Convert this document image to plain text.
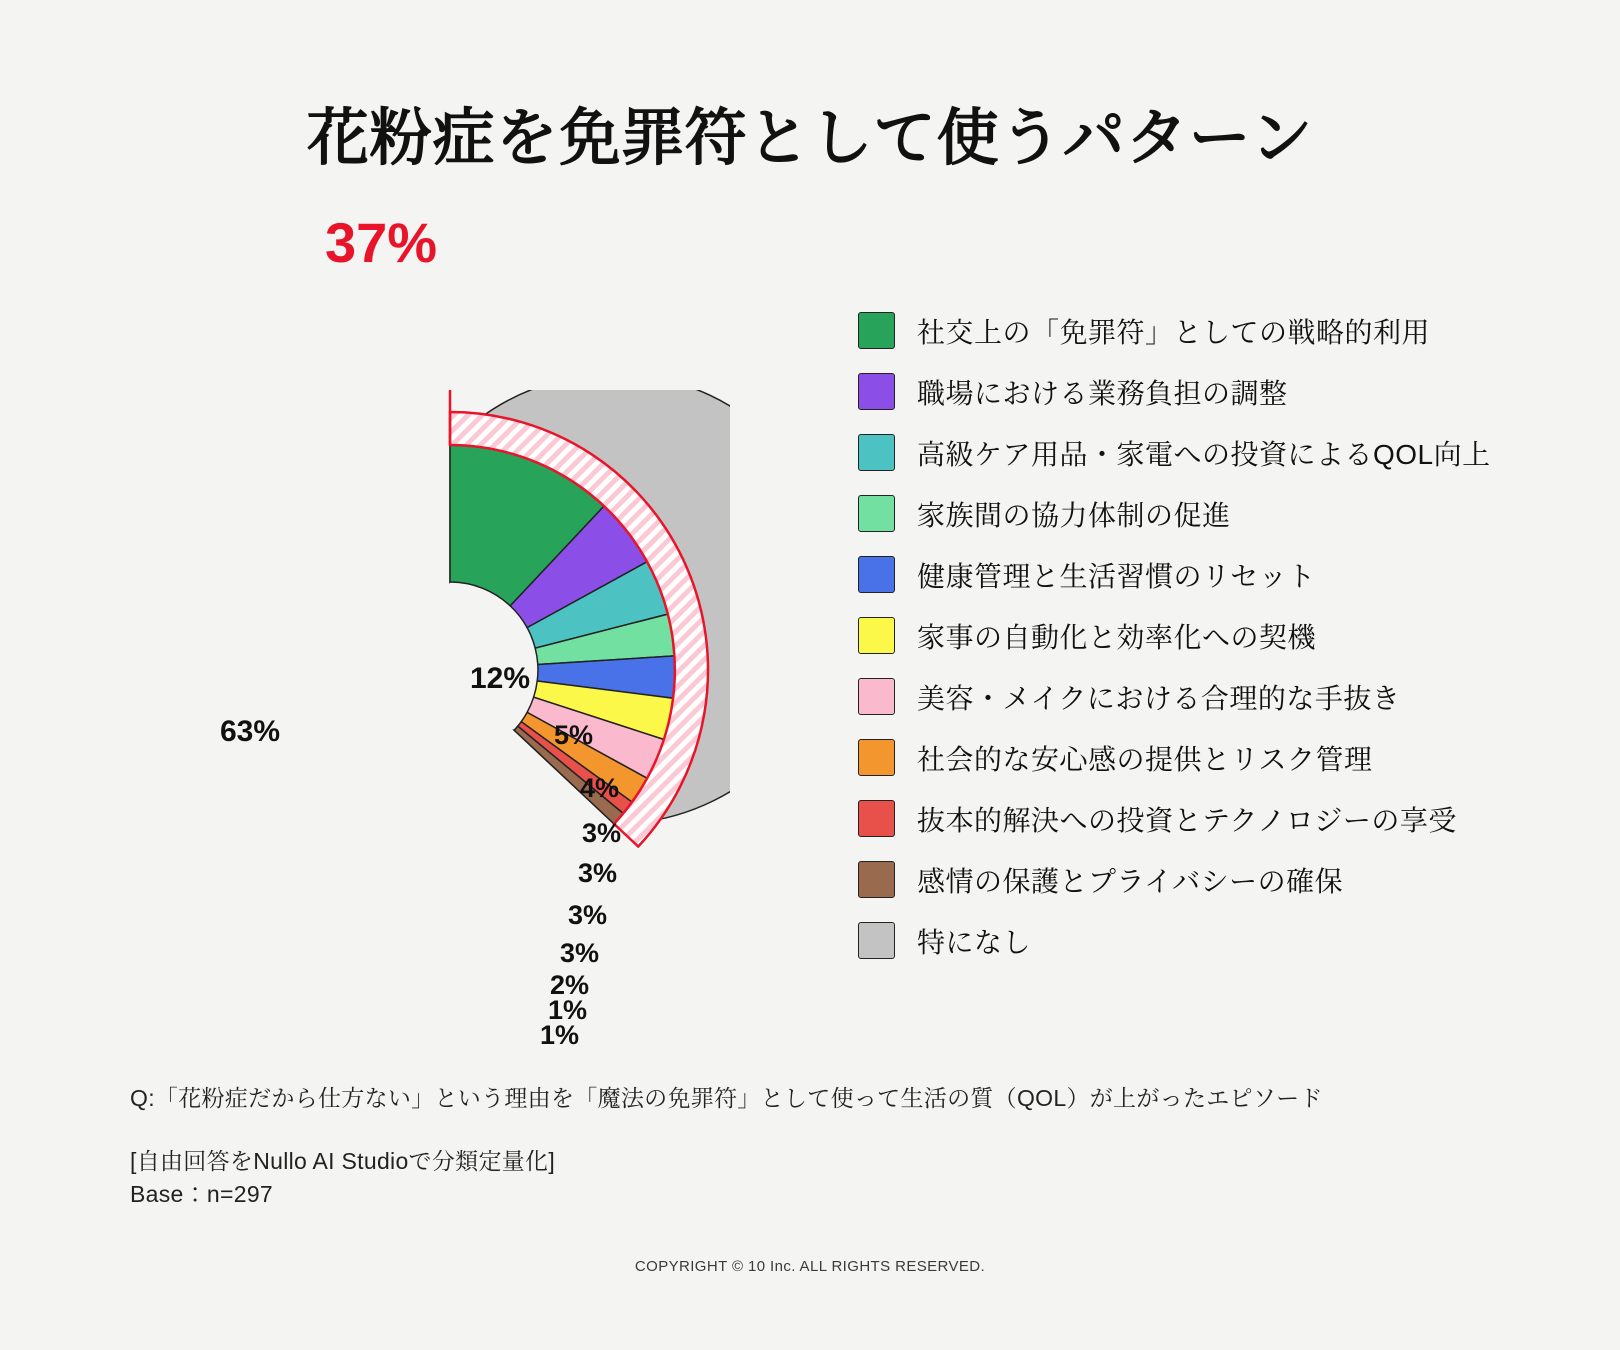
花粉症を免罪符として使うパターン
37%
63%
12%
5%
4%
3%
3%
3%
3%
2%
1%
1%
社交上の「免罪符」としての戦略的利用
職場における業務負担の調整
高級ケア用品・家電への投資によるQOL向上
家族間の協力体制の促進
健康管理と生活習慣のリセット
家事の自動化と効率化への契機
美容・メイクにおける合理的な手抜き
社会的な安心感の提供とリスク管理
抜本的解決への投資とテクノロジーの享受
感情の保護とプライバシーの確保
特になし
Q:「花粉症だから仕方ない」という理由を「魔法の免罪符」として使って生活の質（QOL）が上がったエピソード
[自由回答をNullo AI Studioで分類定量化]
Base：n=297
COPYRIGHT © 10 Inc. ALL RIGHTS RESERVED.
